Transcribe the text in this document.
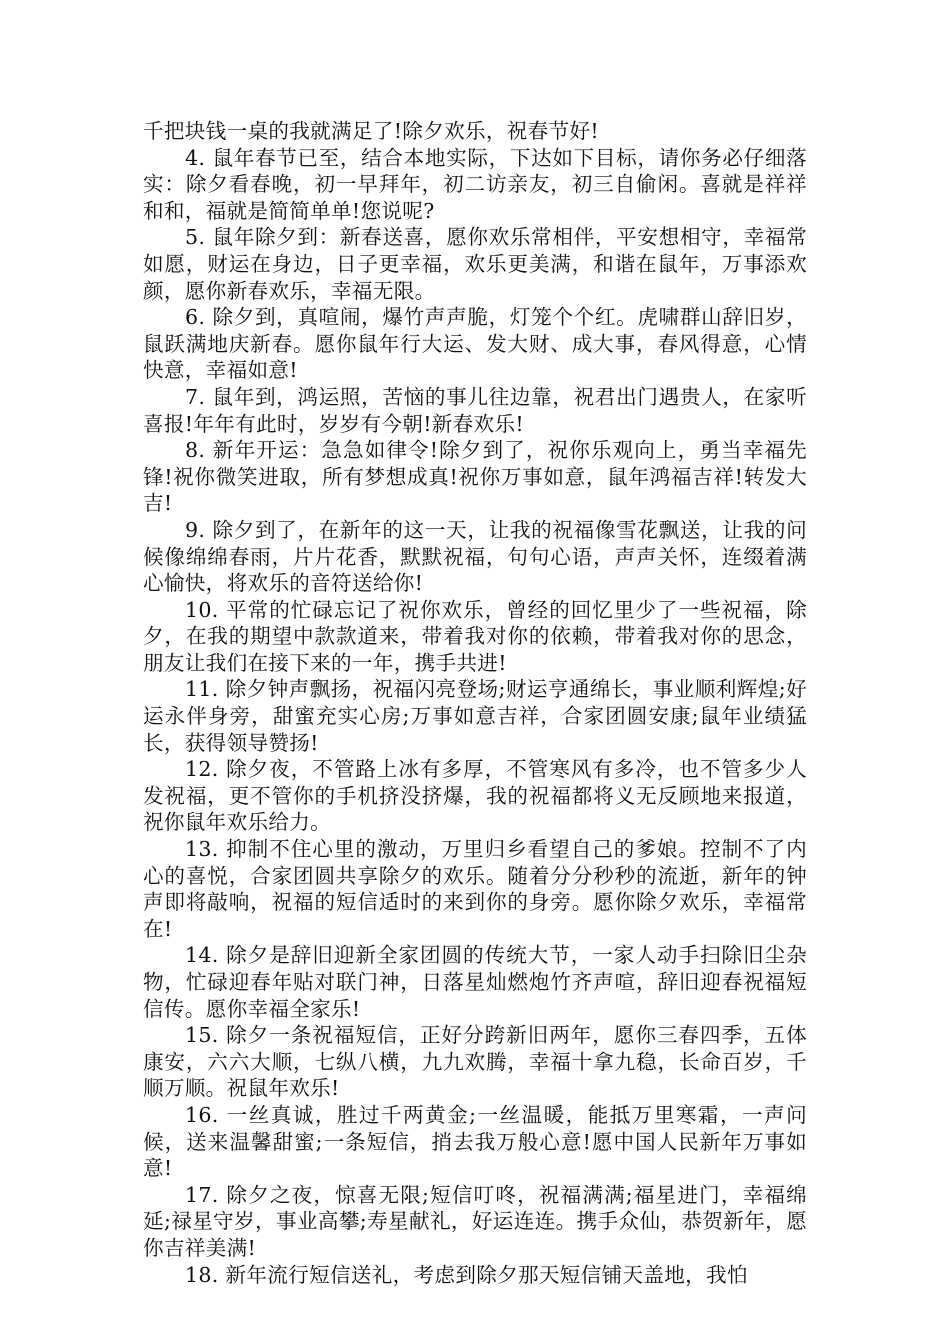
千把块钱一桌的我就满足了!除夕欢乐，祝春节好!

4. 鼠年春节已至，结合本地实际，下达如下目标，请你务必仔细落实：除夕看春晚，初一早拜年，初二访亲友，初三自偷闲。喜就是祥祥和和，福就是简简单单!您说呢?

5. 鼠年除夕到：新春送喜，愿你欢乐常相伴，平安想相守，幸福常如愿，财运在身边，日子更幸福，欢乐更美满，和谐在鼠年，万事添欢颜，愿你新春欢乐，幸福无限。

6. 除夕到，真喧闹，爆竹声声脆，灯笼个个红。虎啸群山辞旧岁，鼠跃满地庆新春。愿你鼠年行大运、发大财、成大事，春风得意，心情快意，幸福如意!

7. 鼠年到，鸿运照，苦恼的事儿往边靠，祝君出门遇贵人，在家听喜报!年年有此时，岁岁有今朝!新春欢乐!

8. 新年开运：急急如律令!除夕到了，祝你乐观向上，勇当幸福先锋!祝你微笑进取，所有梦想成真!祝你万事如意，鼠年鸿福吉祥!转发大吉!

9. 除夕到了，在新年的这一天，让我的祝福像雪花飘送，让我的问候像绵绵春雨，片片花香，默默祝福，句句心语，声声关怀，连缀着满心愉快，将欢乐的音符送给你!

10. 平常的忙碌忘记了祝你欢乐，曾经的回忆里少了一些祝福，除夕，在我的期望中款款道来，带着我对你的依赖，带着我对你的思念，朋友让我们在接下来的一年，携手共进!

11. 除夕钟声飘扬，祝福闪亮登场;财运亨通绵长，事业顺利辉煌;好运永伴身旁，甜蜜充实心房;万事如意吉祥，合家团圆安康;鼠年业绩猛长，获得领导赞扬!

12. 除夕夜，不管路上冰有多厚，不管寒风有多冷，也不管多少人发祝福，更不管你的手机挤没挤爆，我的祝福都将义无反顾地来报道，祝你鼠年欢乐给力。

13. 抑制不住心里的激动，万里归乡看望自己的爹娘。控制不了内心的喜悦，合家团圆共享除夕的欢乐。随着分分秒秒的流逝，新年的钟声即将敲响，祝福的短信适时的来到你的身旁。愿你除夕欢乐，幸福常在!

14. 除夕是辞旧迎新全家团圆的传统大节，一家人动手扫除旧尘杂物，忙碌迎春年贴对联门神，日落星灿燃炮竹齐声喧，辞旧迎春祝福短信传。愿你幸福全家乐!

15. 除夕一条祝福短信，正好分跨新旧两年，愿你三春四季，五体康安，六六大顺，七纵八横，九九欢腾，幸福十拿九稳，长命百岁，千顺万顺。祝鼠年欢乐!

16. 一丝真诚，胜过千两黄金;一丝温暖，能抵万里寒霜，一声问候，送来温馨甜蜜;一条短信，捎去我万般心意!愿中国人民新年万事如意!

17. 除夕之夜，惊喜无限;短信叮咚，祝福满满;福星进门，幸福绵延;禄星守岁，事业高攀;寿星献礼，好运连连。携手众仙，恭贺新年，愿你吉祥美满!

18. 新年流行短信送礼，考虑到除夕那天短信铺天盖地，我怕
